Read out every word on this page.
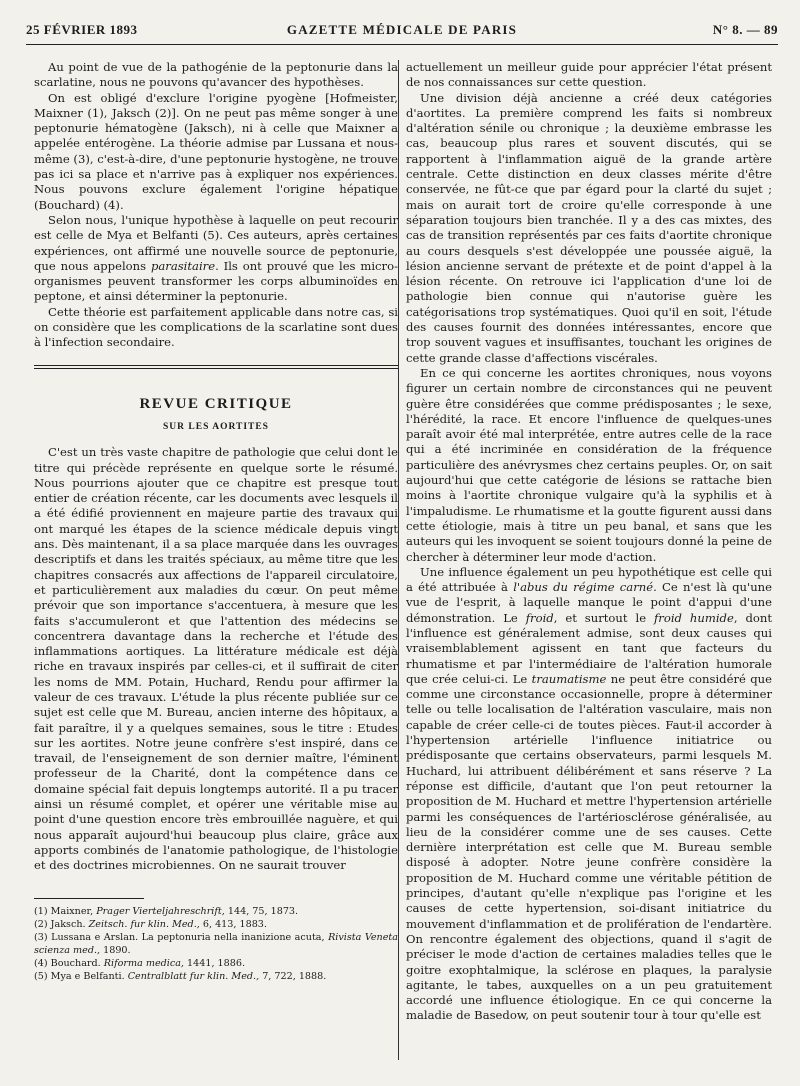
25 FÉVRIER 1893	GAZETTE MÉDICALE DE PARIS	N° 8. — 89

Au point de vue de la pathogénie de la peptonurie dans la scarlatine, nous ne pouvons qu'avancer des hypothèses.

On est obligé d'exclure l'origine pyogène [Hofmeister, Maixner (1), Jaksch (2)]. On ne peut pas même songer à une peptonurie hématogène (Jaksch), ni à celle que Maixner a appelée entérogène. La théorie admise par Lussana et nous-même (3), c'est-à-dire, d'une peptonurie hystogène, ne trouve pas ici sa place et n'arrive pas à expliquer nos expériences. Nous pouvons exclure également l'origine hépatique (Bouchard) (4).

Selon nous, l'unique hypothèse à laquelle on peut recourir est celle de Mya et Belfanti (5). Ces auteurs, après certaines expériences, ont affirmé une nouvelle source de peptonurie, que nous appelons parasitaire. Ils ont prouvé que les micro-organismes peuvent transformer les corps albuminoïdes en peptone, et ainsi déterminer la peptonurie.

Cette théorie est parfaitement applicable dans notre cas, si on considère que les complications de la scarlatine sont dues à l'infection secondaire.

REVUE CRITIQUE
SUR LES AORTITES

C'est un très vaste chapitre de pathologie que celui dont le titre qui précède représente en quelque sorte le résumé. Nous pourrions ajouter que ce chapitre est presque tout entier de création récente, car les documents avec lesquels il a été édifié proviennent en majeure partie des travaux qui ont marqué les étapes de la science médicale depuis vingt ans. Dès maintenant, il a sa place marquée dans les ouvrages descriptifs et dans les traités spéciaux, au même titre que les chapitres consacrés aux affections de l'appareil circulatoire, et particulièrement aux maladies du cœur. On peut même prévoir que son importance s'accentuera, à mesure que les faits s'accumuleront et que l'attention des médecins se concentrera davantage dans la recherche et l'étude des inflammations aortiques. La littérature médicale est déjà riche en travaux inspirés par celles-ci, et il suffirait de citer les noms de MM. Potain, Huchard, Rendu pour affirmer la valeur de ces travaux. L'étude la plus récente publiée sur ce sujet est celle que M. Bureau, ancien interne des hôpitaux, a fait paraître, il y a quelques semaines, sous le titre : Etudes sur les aortites. Notre jeune confrère s'est inspiré, dans ce travail, de l'enseignement de son dernier maître, l'éminent professeur de la Charité, dont la compétence dans ce domaine spécial fait depuis longtemps autorité. Il a pu tracer ainsi un résumé complet, et opérer une véritable mise au point d'une question encore très embrouillée naguère, et qui nous apparaît aujourd'hui beaucoup plus claire, grâce aux apports combinés de l'anatomie pathologique, de l'histologie et des doctrines microbiennes. On ne saurait trouver

(1) Maixner, Prager Vierteljahreschrift, 144, 75, 1873.
(2) Jaksch. Zeitsch. fur klin. Med., 6, 413, 1883.
(3) Lussana e Arslan. La peptonuria nella inanizione acuta, Rivista Veneta scienza med., 1890.
(4) Bouchard. Riforma medica, 1441, 1886.
(5) Mya e Belfanti. Centralblatt fur klin. Med., 7, 722, 1888.

actuellement un meilleur guide pour apprécier l'état présent de nos connaissances sur cette question.

Une division déjà ancienne a créé deux catégories d'aortites. La première comprend les faits si nombreux d'altération sénile ou chronique ; la deuxième embrasse les cas, beaucoup plus rares et souvent discutés, qui se rapportent à l'inflammation aiguë de la grande artère centrale. Cette distinction en deux classes mérite d'être conservée, ne fût-ce que par égard pour la clarté du sujet ; mais on aurait tort de croire qu'elle corresponde à une séparation toujours bien tranchée. Il y a des cas mixtes, des cas de transition représentés par ces faits d'aortite chronique au cours desquels s'est développée une poussée aiguë, la lésion ancienne servant de prétexte et de point d'appel à la lésion récente. On retrouve ici l'application d'une loi de pathologie bien connue qui n'autorise guère les catégorisations trop systématiques. Quoi qu'il en soit, l'étude des causes fournit des données intéressantes, encore que trop souvent vagues et insuffisantes, touchant les origines de cette grande classe d'affections viscérales.

En ce qui concerne les aortites chroniques, nous voyons figurer un certain nombre de circonstances qui ne peuvent guère être considérées que comme prédisposantes ; le sexe, l'hérédité, la race. Et encore l'influence de quelques-unes paraît avoir été mal interprétée, entre autres celle de la race qui a été incriminée en considération de la fréquence particulière des anévrysmes chez certains peuples. Or, on sait aujourd'hui que cette catégorie de lésions se rattache bien moins à l'aortite chronique vulgaire qu'à la syphilis et à l'impaludisme. Le rhumatisme et la goutte figurent aussi dans cette étiologie, mais à titre un peu banal, et sans que les auteurs qui les invoquent se soient toujours donné la peine de chercher à déterminer leur mode d'action.

Une influence également un peu hypothétique est celle qui a été attribuée à l'abus du régime carné. Ce n'est là qu'une vue de l'esprit, à laquelle manque le point d'appui d'une démonstration. Le froid, et surtout le froid humide, dont l'influence est généralement admise, sont deux causes qui vraisemblablement agissent en tant que facteurs du rhumatisme et par l'intermédiaire de l'altération humorale que crée celui-ci. Le traumatisme ne peut être considéré que comme une circonstance occasionnelle, propre à déterminer telle ou telle localisation de l'altération vasculaire, mais non capable de créer celle-ci de toutes pièces. Faut-il accorder à l'hypertension artérielle l'influence initiatrice ou prédisposante que certains observateurs, parmi lesquels M. Huchard, lui attribuent délibérément et sans réserve ? La réponse est difficile, d'autant que l'on peut retourner la proposition de M. Huchard et mettre l'hypertension artérielle parmi les conséquences de l'artériosclérose généralisée, au lieu de la considérer comme une de ses causes. Cette dernière interprétation est celle que M. Bureau semble disposé à adopter. Notre jeune confrère considère la proposition de M. Huchard comme une véritable pétition de principes, d'autant qu'elle n'explique pas l'origine et les causes de cette hypertension, soi-disant initiatrice du mouvement d'inflammation et de prolifération de l'endartère. On rencontre également des objections, quand il s'agit de préciser le mode d'action de certaines maladies telles que le goitre exophtalmique, la sclérose en plaques, la paralysie agitante, le tabes, auxquelles on a un peu gratuitement accordé une influence étiologique. En ce qui concerne la maladie de Basedow, on peut soutenir tour à tour qu'elle est
